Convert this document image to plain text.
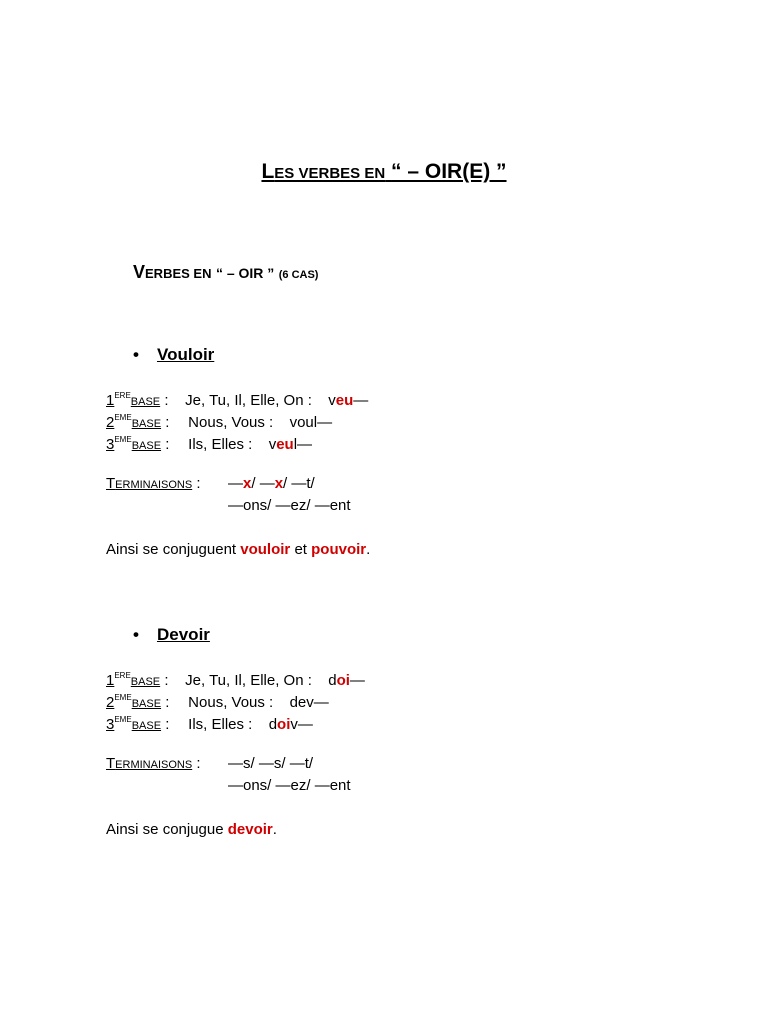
LES VERBES EN “ – OIR(E) ”
VERBES EN “ – OIR ” (6 CAS)
• Vouloir
1EREBASE : Je, Tu, Il, Elle, On : veu—
2EMEBASE : Nous, Vous : voul—
3EMEBASE : Ils, Elles : veul—
TERMINAISONS : —x/ —x/ —t/
—ons/ —ez/ —ent
Ainsi se conjuguent vouloir et pouvoir.
• Devoir
1EREBASE : Je, Tu, Il, Elle, On : doi—
2EMEBASE : Nous, Vous : dev—
3EMEBASE : Ils, Elles : doiv—
TERMINAISONS : —s/ —s/ —t/
—ons/ —ez/ —ent
Ainsi se conjugue devoir.
